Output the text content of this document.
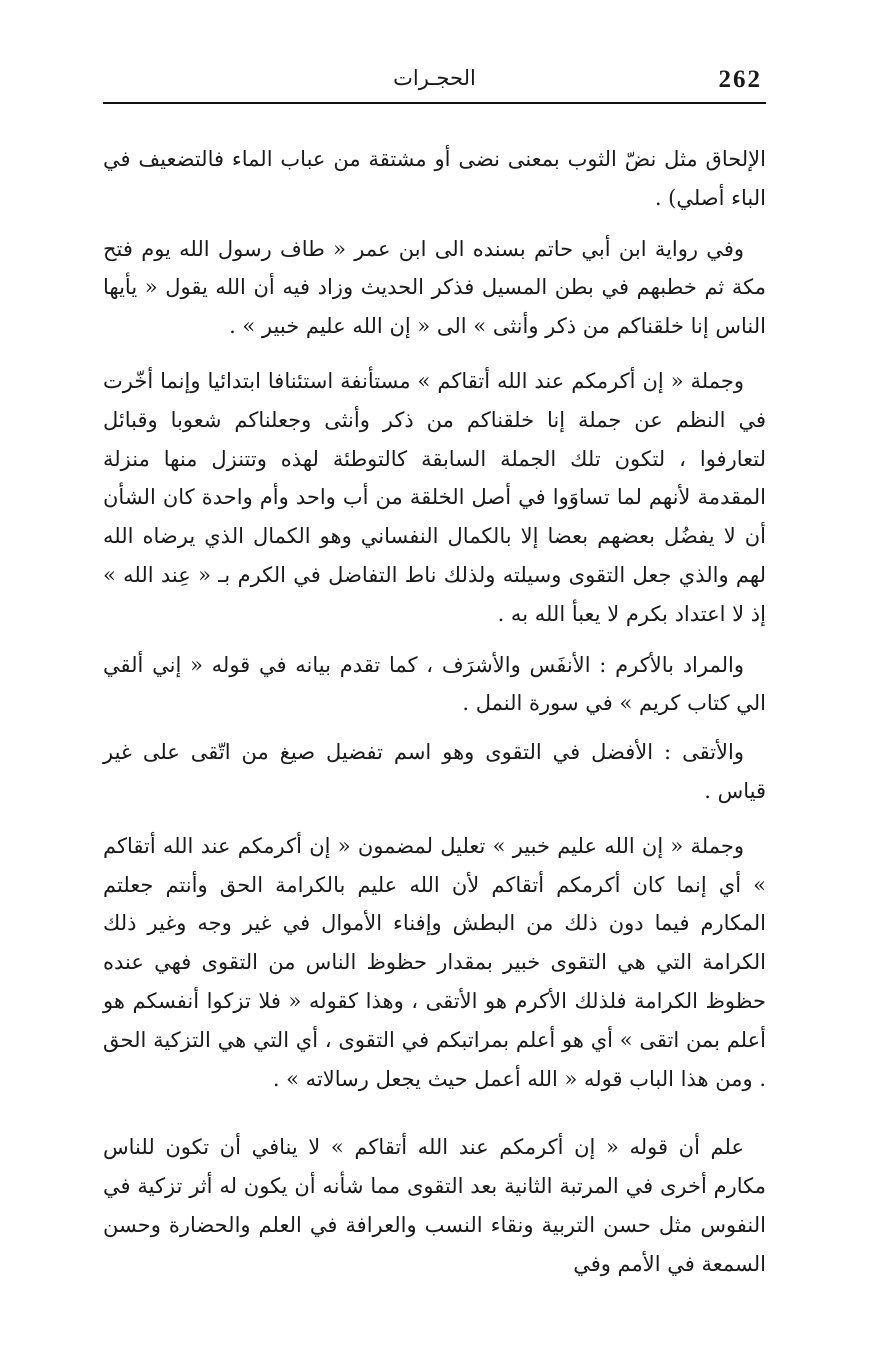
262
الحجـرات

الإلحاق مثل نضّ الثوب بمعنى نضى أو مشتقة من عباب الماء فالتضعيف في الباء أصلي) .

وفي رواية ابن أبي حاتم بسنده الى ابن عمر « طاف رسول الله يوم فتح مكة ثم خطبهم في بطن المسيل فذكر الحديث وزاد فيه أن الله يقول « يأيها الناس إنا خلقناكم من ذكر وأنثى » الى « إن الله عليم خبير » .

وجملة « إن أكرمكم عند الله أتقاكم » مستأنفة استئنافا ابتدائيا وإنما أخّرت في النظم عن جملة إنا خلقناكم من ذكر وأنثى وجعلناكم شعوبا وقبائل لتعارفوا ، لتكون تلك الجملة السابقة كالتوطئة لهذه وتتنزل منها منزلة المقدمة لأنهم لما تساوَوا في أصل الخلقة من أب واحد وأم واحدة كان الشأن أن لا يفضُل بعضهم بعضا إلا بالكمال النفساني وهو الكمال الذي يرضاه الله لهم والذي جعل التقوى وسيلته ولذلك ناط التفاضل في الكرم بـ « عِند الله » إذ لا اعتداد بكرم لا يعبأ الله به .

والمراد بالأكرم : الأنفَس والأشرَف ، كما تقدم بيانه في قوله « إني ألقي الي كتاب كريم » في سورة النمل .

والأتقى : الأفضل في التقوى وهو اسم تفضيل صيغ من اتّقى على غير قياس .

وجملة « إن الله عليم خبير » تعليل لمضمون « إن أكرمكم عند الله أتقاكم » أي إنما كان أكرمكم أتقاكم لأن الله عليم بالكرامة الحق وأنتم جعلتم المكارم فيما دون ذلك من البطش وإفناء الأموال في غير وجه وغير ذلك الكرامة التي هي التقوى خبير بمقدار حظوظ الناس من التقوى فهي عنده حظوظ الكرامة فلذلك الأكرم هو الأتقى ، وهذا كقوله « فلا تزكوا أنفسكم هو أعلم بمن اتقى » أي هو أعلم بمراتبكم في التقوى ، أي التي هي التزكية الحق . ومن هذا الباب قوله « الله أعمل حيث يجعل رسالاته » .

علم أن قوله « إن أكرمكم عند الله أتقاكم » لا ينافي أن تكون للناس مكارم أخرى في المرتبة الثانية بعد التقوى مما شأنه أن يكون له أثر تزكية في النفوس مثل حسن التربية ونقاء النسب والعرافة في العلم والحضارة وحسن السمعة في الأمم وفي
